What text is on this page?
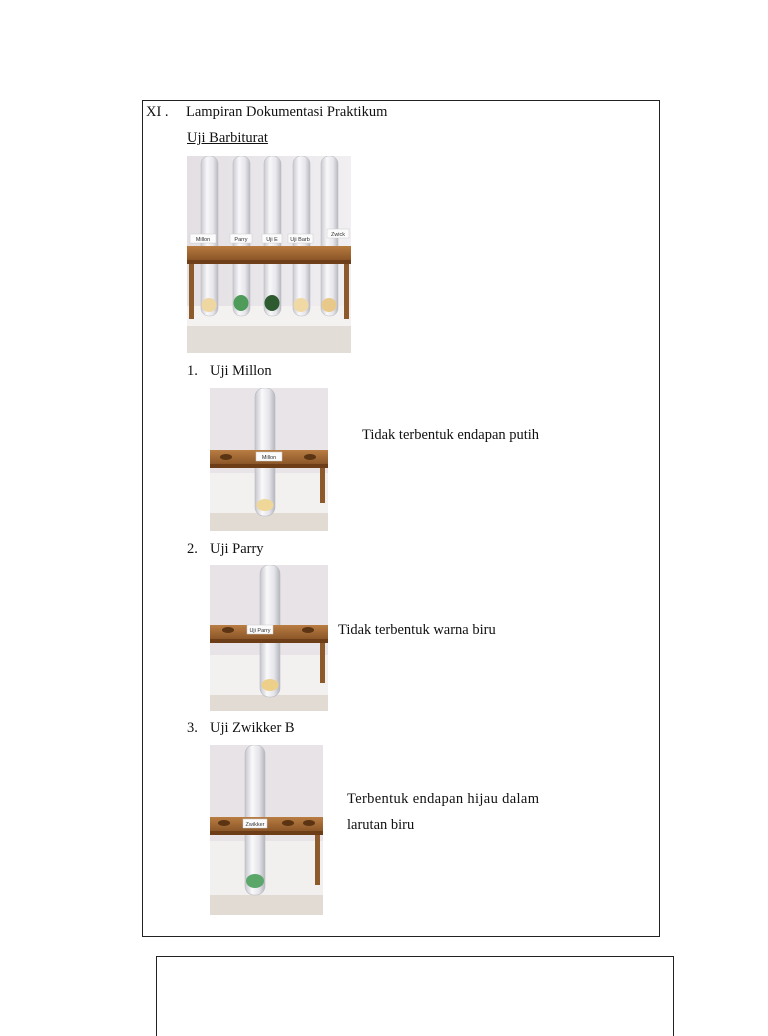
XI . Lampiran Dokumentasi Praktikum
Uji Barbiturat
Millon	Parry	Uji E Uji Barb
Zwick
1. Uji Millon
Millon
Tidak terbentuk endapan putih
2. Uji Parry
Uji Parry	Tidak terbentuk warna biru
3. Uji Zwikker B
Zwikker
Terbentuk endapan hijau dalam
larutan biru
